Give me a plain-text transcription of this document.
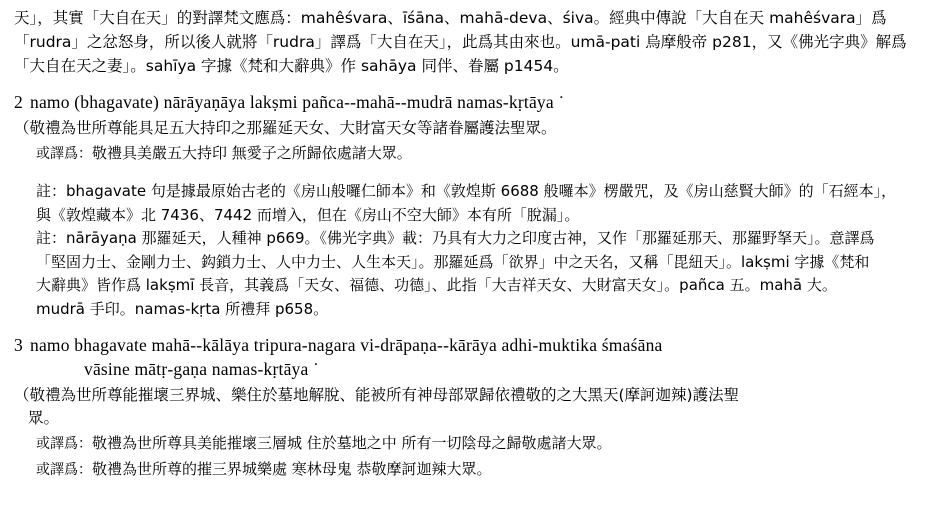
天」，其實「大自在天」的對譯梵文應爲：mahêśvara、īśāna、mahā-deva、śiva。經典中傳說「大自在天 mahêśvara」爲
「rudra」之忿怒身，所以後人就將「rudra」譯爲「大自在天」，此爲其由來也。umā-pati 烏摩般帝 p281，又《佛光字典》解爲
「大自在天之妻」。sahīya 字據《梵和大辭典》作 sahāya 同伴、眷屬 p1454。
2 namo (bhagavate) nārāyaṇāya lakṣmi pañca--mahā--mudrā namas-kṛtāya ˙
（敬禮為世所尊能具足五大持印之那羅延天女、大財富天女等諸眷屬護法聖眾。
或譯爲：敬禮具美嚴五大持印 無愛子之所歸依處諸大眾。
註：bhagavate 句是據最原始古老的《房山般囉仁師本》和《敦煌斯 6688 般囉本》楞嚴咒，及《房山慈賢大師》的「石經本」，
與《敦煌藏本》北 7436、7442 而增入，但在《房山不空大師》本有所「脫漏」。
註：nārāyaṇa 那羅延天，人種神 p669。《佛光字典》載：乃具有大力之印度古神，又作「那羅延那天、那羅野拏天」。意譯爲
「堅固力士、金剛力士、鈎鎖力士、人中力士、人生本天」。那羅延爲「欲界」中之天名，又稱「毘紐天」。lakṣmi 字據《梵和
大辭典》皆作爲 lakṣmī 長音，其義爲「天女、福德、功德」、此指「大吉祥天女、大財富天女」。pañca 五。mahā 大。
mudrā 手印。namas-kṛta 所禮拜 p658。
3 namo bhagavate mahā--kālāya tripura-nagara vi-drāpaṇa--kārāya adhi-muktika śmaśāna
vāsine mātṛ-gaṇa namas-kṛtāya ˙
（敬禮為世所尊能摧壞三界城、樂住於墓地解脫、能被所有神母部眾歸依禮敬的之大黑天(摩訶迦辣)護法聖
眾。
或譯爲：敬禮為世所尊具美能摧壞三層城 住於墓地之中 所有一切陰母之歸敬處諸大眾。
或譯爲：敬禮為世所尊的摧三界城樂處 寒林母鬼 恭敬摩訶迦辣大眾。
